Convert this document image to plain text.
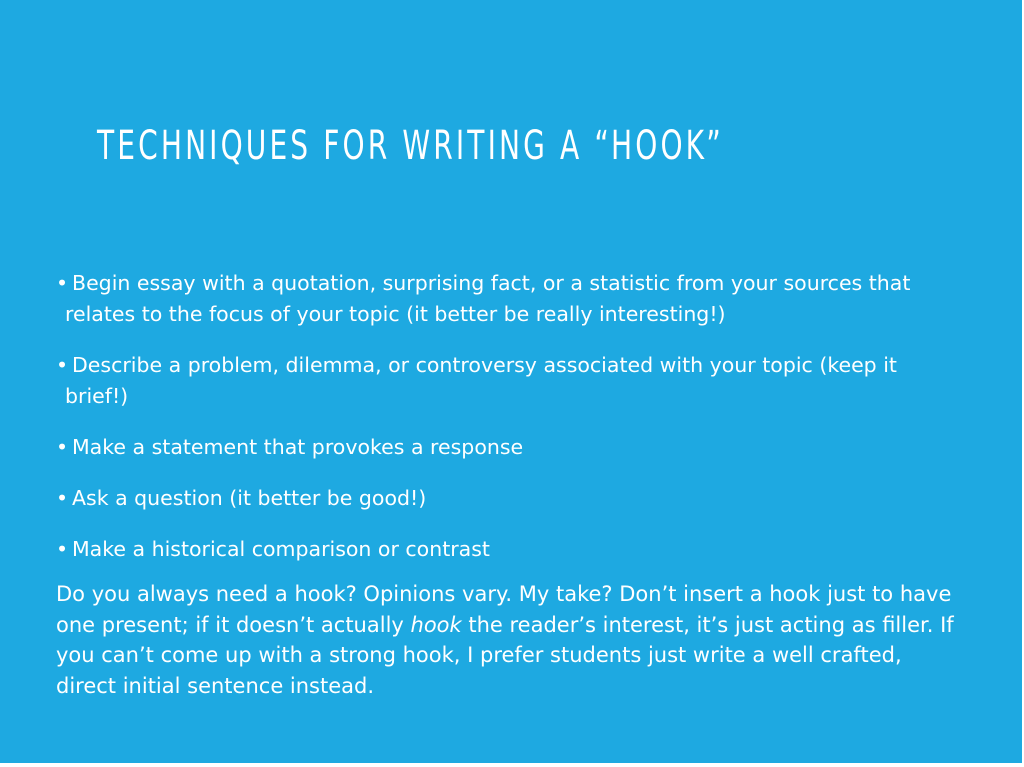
TECHNIQUES FOR WRITING A “HOOK”
• Begin essay with a quotation, surprising fact, or a statistic from your sources that relates to the focus of your topic (it better be really interesting!)
• Describe a problem, dilemma, or controversy associated with your topic (keep it brief!)
• Make a statement that provokes a response
• Ask a question (it better be good!)
• Make a historical comparison or contrast

Do you always need a hook? Opinions vary. My take? Don’t insert a hook just to have one present; if it doesn’t actually hook the reader’s interest, it’s just acting as filler. If you can’t come up with a strong hook, I prefer students just write a well crafted, direct initial sentence instead.
